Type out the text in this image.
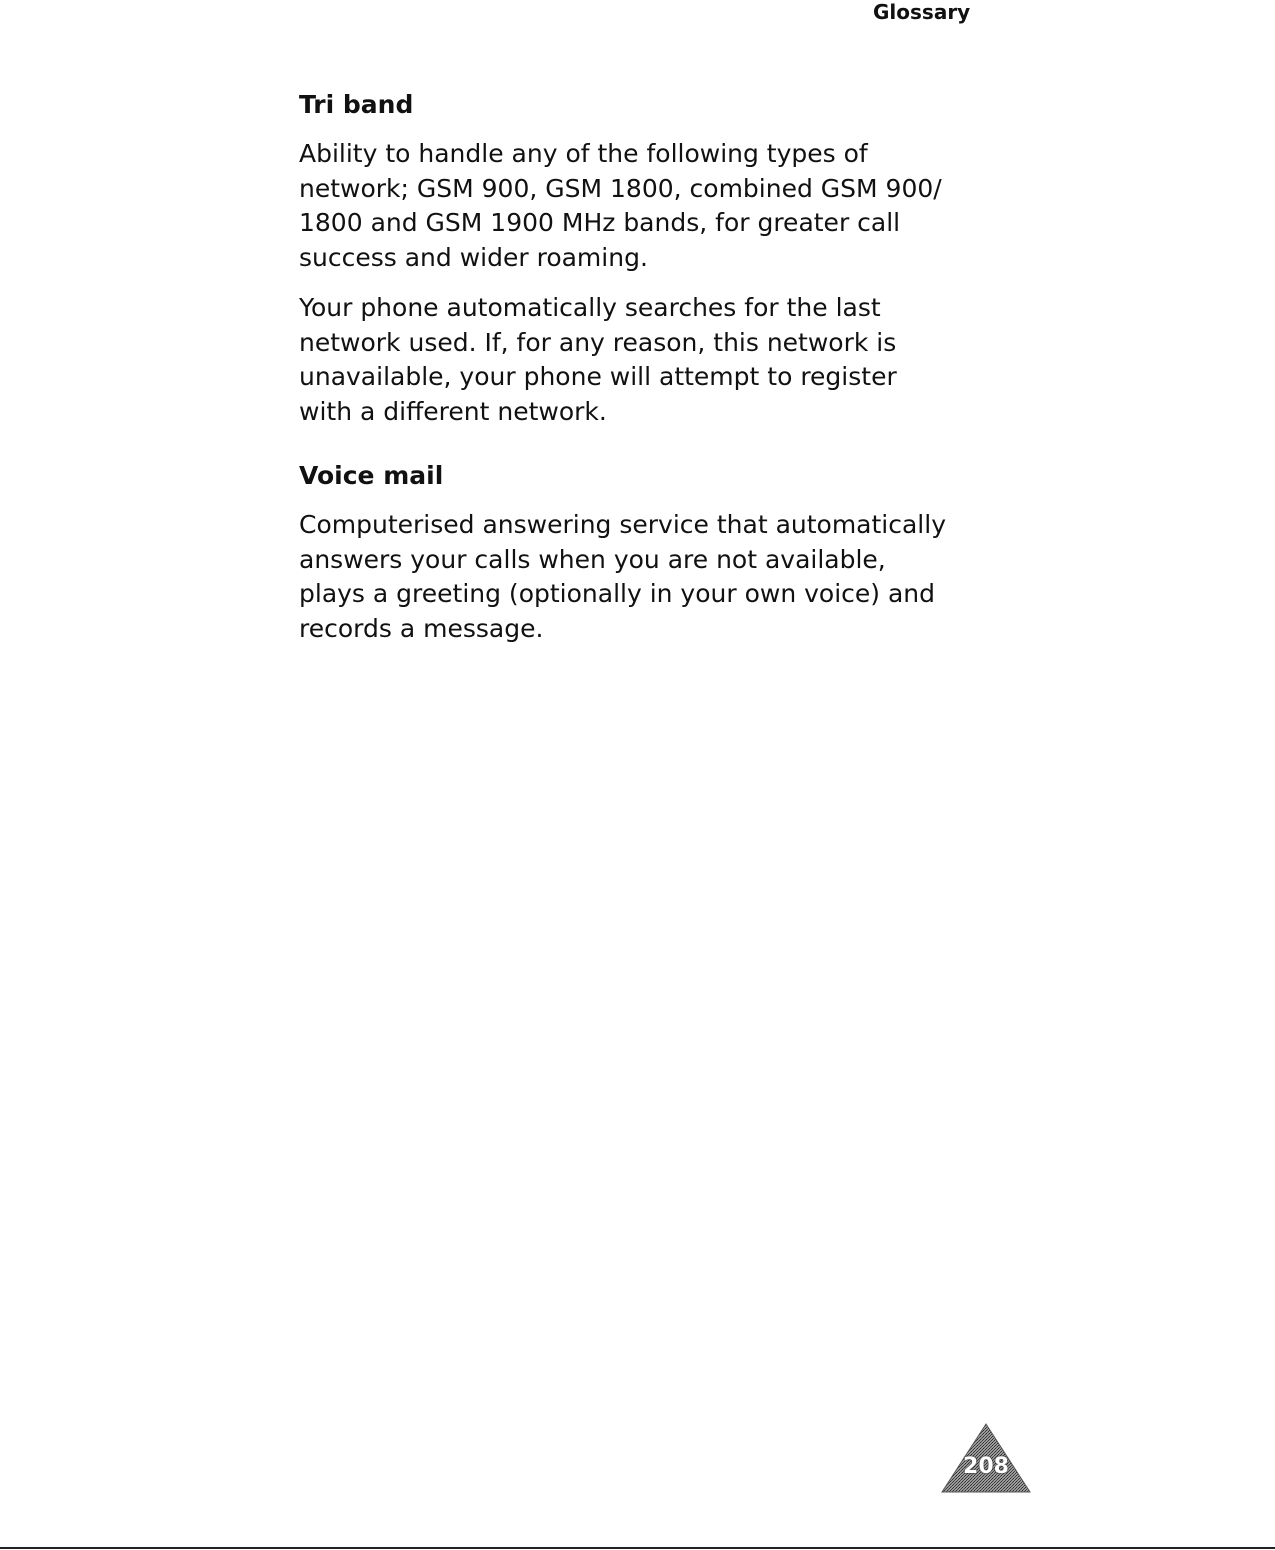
Glossary
Tri band

Ability to handle any of the following types of
network; GSM 900, GSM 1800, combined GSM 900/
1800 and GSM 1900 MHz bands, for greater call
success and wider roaming.

Your phone automatically searches for the last
network used. If, for any reason, this network is
unavailable, your phone will attempt to register
with a different network.

Voice mail

Computerised answering service that automatically
answers your calls when you are not available,
plays a greeting (optionally in your own voice) and
records a message.

208
